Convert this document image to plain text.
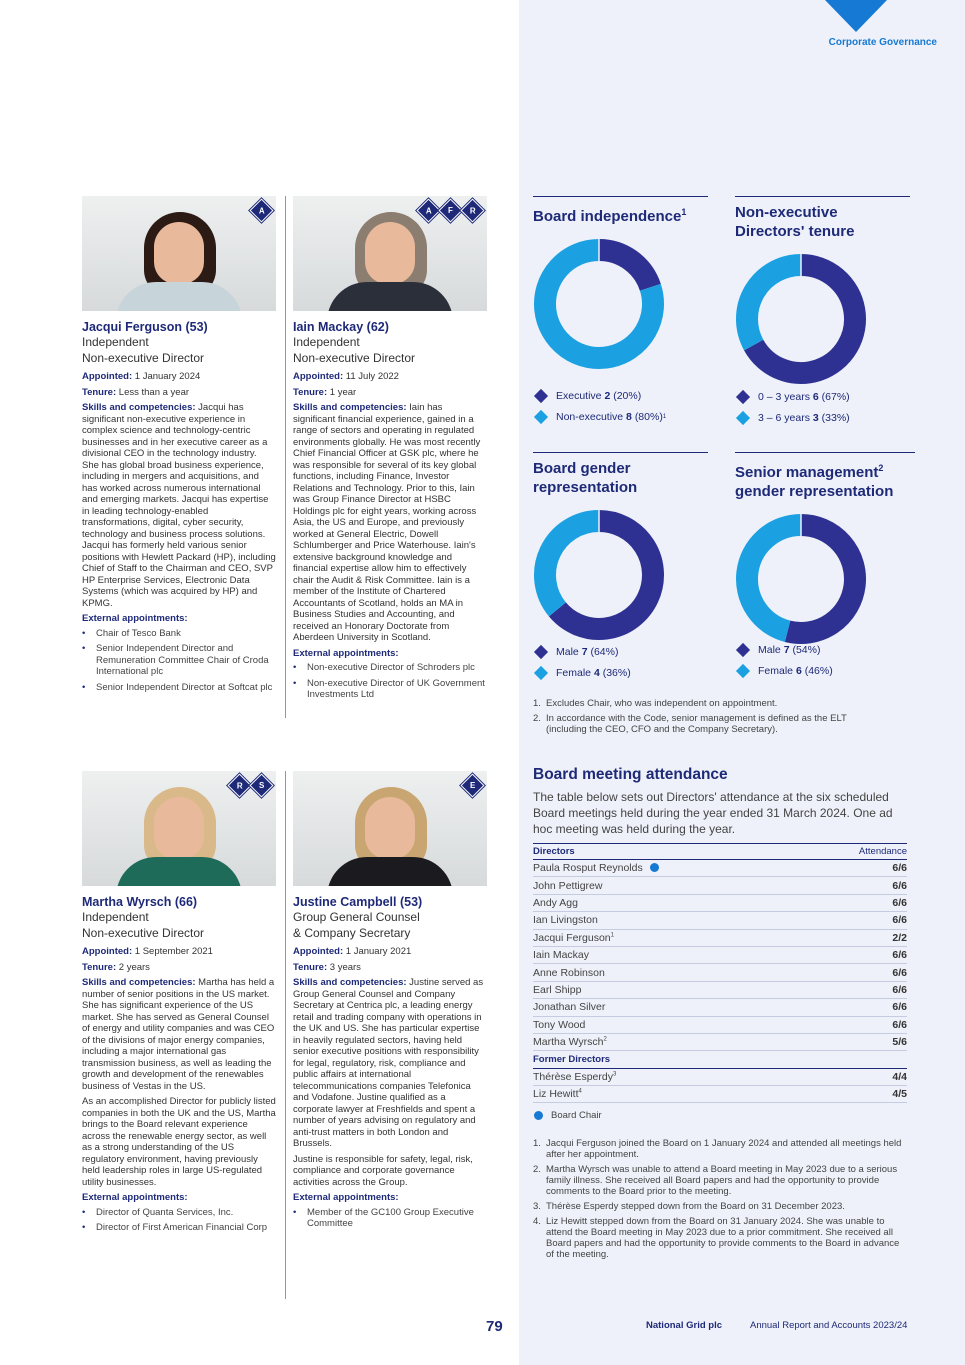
Corporate Governance
A
Jacqui Ferguson (53)
Independent
Non-executive Director

Appointed: 1 January 2024

Tenure: Less than a year

Skills and competencies: Jacqui has significant non-executive experience in complex science and technology-centric businesses and in her executive career as a divisional CEO in the technology industry. She has global broad business experience, including in mergers and acquisitions, and has worked across numerous international and emerging markets. Jacqui has expertise in leading technology-enabled transformations, digital, cyber security, technology and business process solutions. Jacqui has formerly held various senior positions with Hewlett Packard (HP), including Chief of Staff to the Chairman and CEO, SVP HP Enterprise Services, Electronic Data Systems (which was acquired by HP) and KPMG.

External appointments:
• Chair of Tesco Bank
• Senior Independent Director and Remuneration Committee Chair of Croda International plc
• Senior Independent Director at Softcat plc
A F R
Iain Mackay (62)
Independent
Non-executive Director

Appointed: 11 July 2022

Tenure: 1 year

Skills and competencies: Iain has significant financial experience, gained in a range of sectors and operating in regulated environments globally. He was most recently Chief Financial Officer at GSK plc, where he was responsible for several of its key global functions, including Finance, Investor Relations and Technology. Prior to this, Iain was Group Finance Director at HSBC Holdings plc for eight years, working across Asia, the US and Europe, and previously worked at General Electric, Dowell Schlumberger and Price Waterhouse. Iain's extensive background knowledge and financial expertise allow him to effectively chair the Audit & Risk Committee. Iain is a member of the Institute of Chartered Accountants of Scotland, holds an MA in Business Studies and Accounting, and received an Honorary Doctorate from Aberdeen University in Scotland.

External appointments:
• Non-executive Director of Schroders plc
• Non-executive Director of UK Government Investments Ltd
R S
Martha Wyrsch (66)
Independent
Non-executive Director

Appointed: 1 September 2021

Tenure: 2 years

Skills and competencies: Martha has held a number of senior positions in the US market. She has significant experience of the US market. She has served as General Counsel of energy and utility companies and was CEO of the divisions of major energy companies, including a major international gas transmission business, as well as leading the growth and development of the renewables business of Vestas in the US.

As an accomplished Director for publicly listed companies in both the UK and the US, Martha brings to the Board relevant experience across the renewable energy sector, as well as a strong understanding of the US regulatory environment, having previously held leadership roles in large US-regulated utility businesses.

External appointments:
• Director of Quanta Services, Inc.
• Director of First American Financial Corp
E
Justine Campbell (53)
Group General Counsel
& Company Secretary

Appointed: 1 January 2021

Tenure: 3 years

Skills and competencies: Justine served as Group General Counsel and Company Secretary at Centrica plc, a leading energy retail and trading company with operations in the UK and US. She has particular expertise in heavily regulated sectors, having held senior executive positions with responsibility for legal, regulatory, risk, compliance and public affairs at international telecommunications companies Telefonica and Vodafone. Justine qualified as a corporate lawyer at Freshfields and spent a number of years advising on regulatory and anti-trust matters in both London and Brussels.

Justine is responsible for safety, legal, risk, compliance and corporate governance activities across the Group.

External appointments:
• Member of the GC100 Group Executive Committee
Board independence$^1$
Executive
2
(20%)
Non-executive
8
(80%) 1
Non-executive
Directors' tenure
0 – 3 years
6
(67%)
3 – 6 years
3
(33%)
Board gender
representation
Male
7
(64%)
Female
4
(36%)
Senior management$^2$
gender representation
Male
7
(54%)
Female
6
(46%)
1. Excludes Chair, who was independent on appointment.
2. In accordance with the Code, senior management is defined as the ELT (including the CEO, CFO and the Company Secretary).
Board meeting attendance
The table below sets out Directors' attendance at the six scheduled Board meetings held during the year ended 31 March 2024. One ad hoc meeting was held during the year.
Directors	Attendance
Paula Rosput Reynolds	6/6
John Pettigrew	6/6
Andy Agg	6/6
Ian Livingston	6/6
Jacqui Ferguson$^1$	2/2
Iain Mackay	6/6
Anne Robinson	6/6
Earl Shipp	6/6
Jonathan Silver	6/6
Tony Wood	6/6
Martha Wyrsch$^2$	5/6
Former Directors	
Thérèse Esperdy$^3$	4/4
Liz Hewitt$^4$	4/5
Board Chair
1. Jacqui Ferguson joined the Board on 1 January 2024 and attended all meetings held after her appointment.
2. Martha Wyrsch was unable to attend a Board meeting in May 2023 due to a serious family illness. She received all Board papers and had the opportunity to provide comments to the Board prior to the meeting.
3. Thérèse Esperdy stepped down from the Board on 31 December 2023.
4. Liz Hewitt stepped down from the Board on 31 January 2024. She was unable to attend the Board meeting in May 2023 due to a prior commitment. She received all Board papers and had the opportunity to provide comments to the Board in advance of the meeting.
79	National Grid plc	Annual Report and Accounts 2023/24
